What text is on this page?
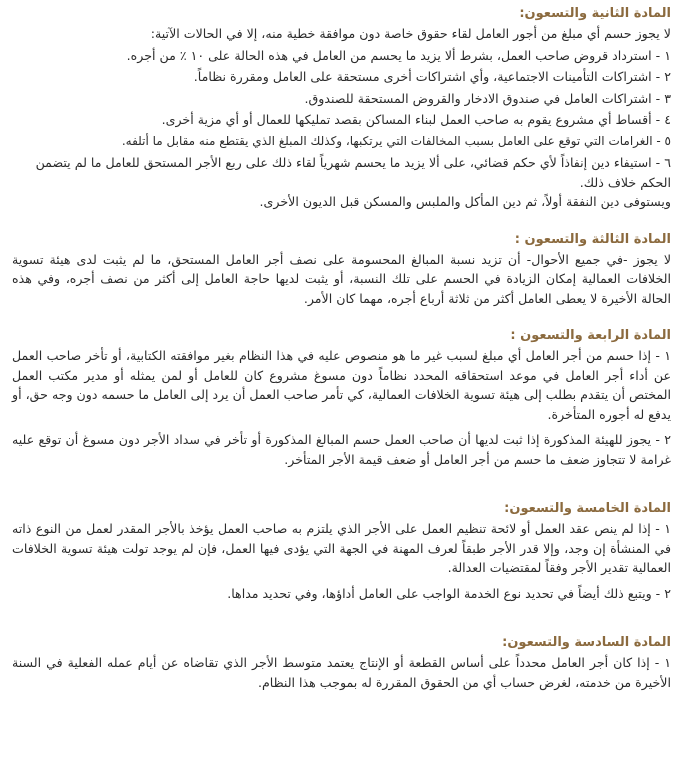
المادة الثانية والتسعون:

لا يجوز حسم أي مبلغ من أجور العامل لقاء حقوق خاصة دون موافقة خطية منه، إلا في الحالات الآتية:

١ - استرداد قروض صاحب العمل، بشرط ألا يزيد ما يحسم من العامل في هذه الحالة على ١٠ ٪ من أجره.

٢ - اشتراكات التأمينات الاجتماعية، وأي اشتراكات أخرى مستحقة على العامل ومقررة نظاماً.

٣ - اشتراكات العامل في صندوق الادخار والقروض المستحقة للصندوق.

٤ - أقساط أي مشروع يقوم به صاحب العمل لبناء المساكن بقصد تمليكها للعمال أو أي مزية أخرى.

٥ - الغرامات التي توقع على العامل بسبب المخالفات التي يرتكبها، وكذلك المبلغ الذي يقتطع منه مقابل ما أتلفه.

٦ - استيفاء دين إنفاذاً لأي حكم قضائي، على ألا يزيد ما يحسم شهرياً لقاء ذلك على ربع الأجر المستحق للعامل ما لم يتضمن الحكم خلاف ذلك.

ويستوفى دين النفقة أولاً، ثم دين المأكل والملبس والمسكن قبل الديون الأخرى.

المادة الثالثة والتسعون :

لا يجوز -في جميع الأحوال- أن تزيد نسبة المبالغ المحسومة على نصف أجر العامل المستحق، ما لم يثبت لدى هيئة تسوية الخلافات العمالية إمكان الزيادة في الحسم على تلك النسبة، أو يثبت لديها حاجة العامل إلى أكثر من نصف أجره، وفي هذه الحالة الأخيرة لا يعطى العامل أكثر من ثلاثة أرباع أجره، مهما كان الأمر.

المادة الرابعة والتسعون :

١ - إذا حسم من أجر العامل أي مبلغ لسبب غير ما هو منصوص عليه في هذا النظام بغير موافقته الكتابية، أو تأخر صاحب العمل عن أداء أجر العامل في موعد استحقاقه المحدد نظاماً دون مسوغ مشروع كان للعامل أو لمن يمثله أو مدير مكتب العمل المختص أن يتقدم بطلب إلى هيئة تسوية الخلافات العمالية، كي تأمر صاحب العمل أن يرد إلى العامل ما حسمه دون وجه حق، أو يدفع له أجوره المتأخرة.

٢ - يجوز للهيئة المذكورة إذا ثبت لديها أن صاحب العمل حسم المبالغ المذكورة أو تأخر في سداد الأجر دون مسوغ أن توقع عليه غرامة لا تتجاوز ضعف ما حسم من أجر العامل أو ضعف قيمة الأجر المتأخر.

المادة الخامسة والتسعون:

١ - إذا لم ينص عقد العمل أو لائحة تنظيم العمل على الأجر الذي يلتزم به صاحب العمل يؤخذ بالأجر المقدر لعمل من النوع ذاته في المنشأة إن وجد، وإلا قدر الأجر طبقاً لعرف المهنة في الجهة التي يؤدى فيها العمل، فإن لم يوجد تولت هيئة تسوية الخلافات العمالية تقدير الأجر وفقاً لمقتضيات العدالة.

٢ - ويتبع ذلك أيضاً في تحديد نوع الخدمة الواجب على العامل أداؤها، وفي تحديد مداها.

المادة السادسة والتسعون:

١ - إذا كان أجر العامل محدداً على أساس القطعة أو الإنتاج يعتمد متوسط الأجر الذي تقاضاه عن أيام عمله الفعلية في السنة الأخيرة من خدمته، لغرض حساب أي من الحقوق المقررة له بموجب هذا النظام.
